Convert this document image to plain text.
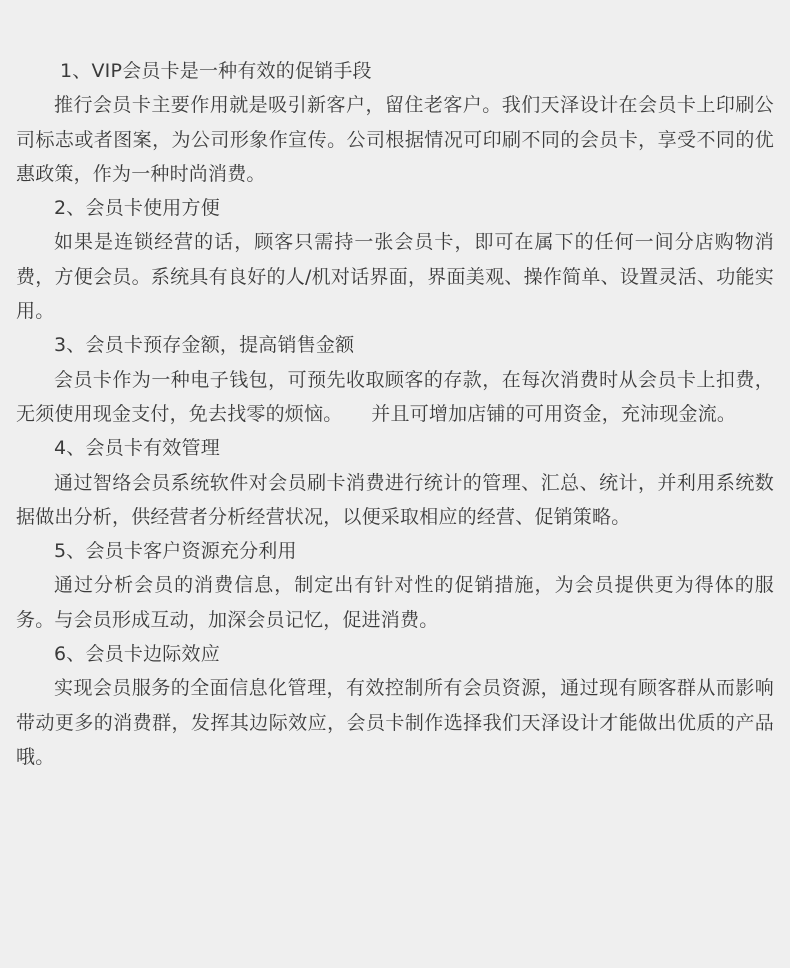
1、VIP会员卡是一种有效的促销手段

推行会员卡主要作用就是吸引新客户，留住老客户。我们天泽设计在会员卡上印刷公司标志或者图案，为公司形象作宣传。公司根据情况可印刷不同的会员卡，享受不同的优惠政策，作为一种时尚消费。

2、会员卡使用方便

如果是连锁经营的话，顾客只需持一张会员卡，即可在属下的任何一间分店购物消费，方便会员。系统具有良好的人/机对话界面，界面美观、操作简单、设置灵活、功能实用。

3、会员卡预存金额，提高销售金额

会员卡作为一种电子钱包，可预先收取顾客的存款，在每次消费时从会员卡上扣费，无须使用现金支付，免去找零的烦恼。　　并且可增加店铺的可用资金，充沛现金流。

4、会员卡有效管理

通过智络会员系统软件对会员刷卡消费进行统计的管理、汇总、统计，并利用系统数据做出分析，供经营者分析经营状况，以便采取相应的经营、促销策略。

5、会员卡客户资源充分利用

通过分析会员的消费信息，制定出有针对性的促销措施，为会员提供更为得体的服务。与会员形成互动，加深会员记忆，促进消费。

6、会员卡边际效应

实现会员服务的全面信息化管理，有效控制所有会员资源，通过现有顾客群从而影响带动更多的消费群，发挥其边际效应，会员卡制作选择我们天泽设计才能做出优质的产品哦。
